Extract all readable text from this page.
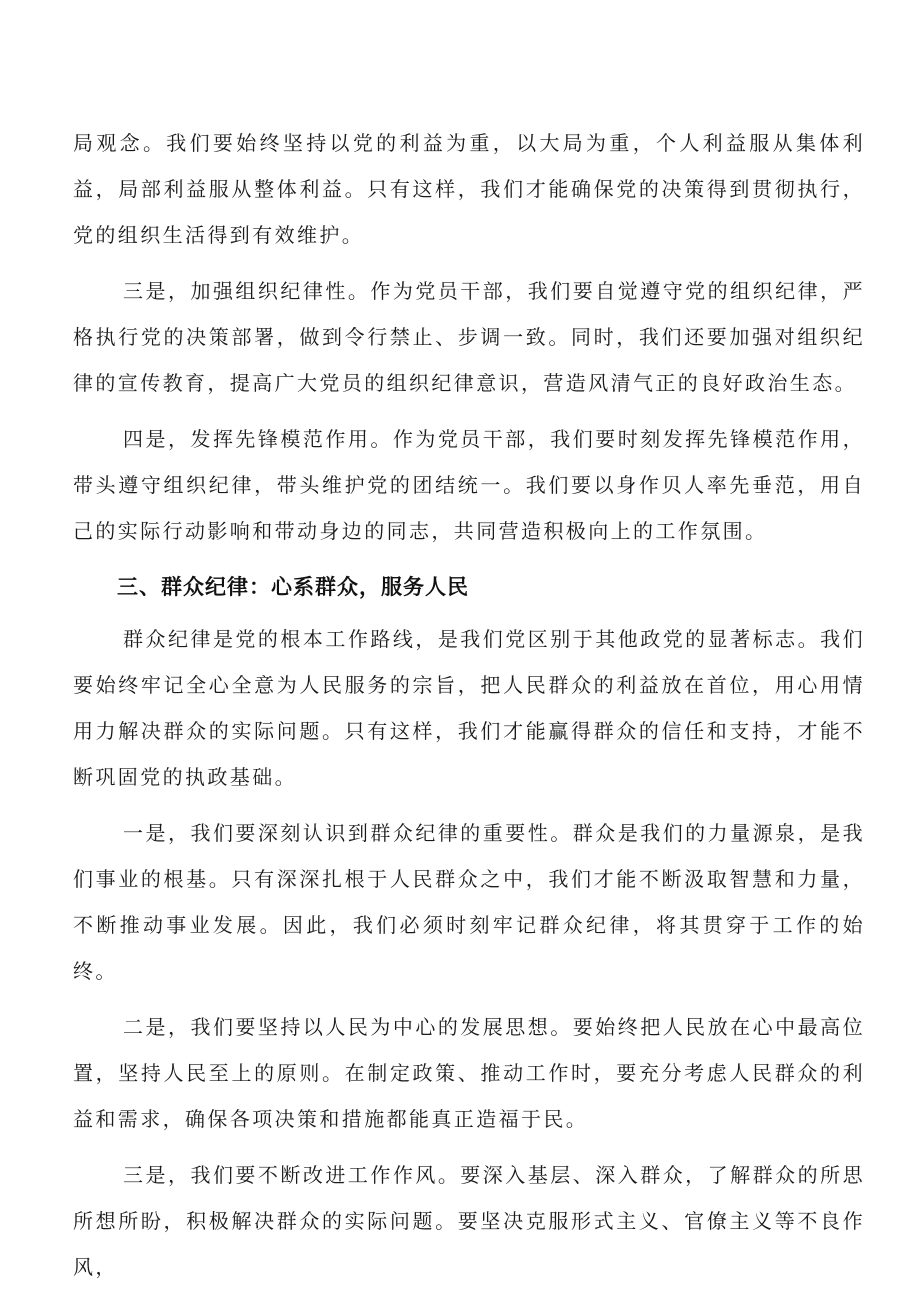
局观念。我们要始终坚持以党的利益为重，以大局为重，个人利益服从集体利益，局部利益服从整体利益。只有这样，我们才能确保党的决策得到贯彻执行，党的组织生活得到有效维护。

三是，加强组织纪律性。作为党员干部，我们要自觉遵守党的组织纪律，严格执行党的决策部署，做到令行禁止、步调一致。同时，我们还要加强对组织纪律的宣传教育，提高广大党员的组织纪律意识，营造风清气正的良好政治生态。

四是，发挥先锋模范作用。作为党员干部，我们要时刻发挥先锋模范作用，带头遵守组织纪律，带头维护党的团结统一。我们要以身作贝人率先垂范，用自己的实际行动影响和带动身边的同志，共同营造积极向上的工作氛围。

三、群众纪律：心系群众，服务人民

群众纪律是党的根本工作路线，是我们党区别于其他政党的显著标志。我们要始终牢记全心全意为人民服务的宗旨，把人民群众的利益放在首位，用心用情用力解决群众的实际问题。只有这样，我们才能赢得群众的信任和支持，才能不断巩固党的执政基础。

一是，我们要深刻认识到群众纪律的重要性。群众是我们的力量源泉，是我们事业的根基。只有深深扎根于人民群众之中，我们才能不断汲取智慧和力量，不断推动事业发展。因此，我们必须时刻牢记群众纪律，将其贯穿于工作的始终。

二是，我们要坚持以人民为中心的发展思想。要始终把人民放在心中最高位置，坚持人民至上的原则。在制定政策、推动工作时，要充分考虑人民群众的利益和需求，确保各项决策和措施都能真正造福于民。

三是，我们要不断改进工作作风。要深入基层、深入群众，了解群众的所思所想所盼，积极解决群众的实际问题。要坚决克服形式主义、官僚主义等不良作风，
